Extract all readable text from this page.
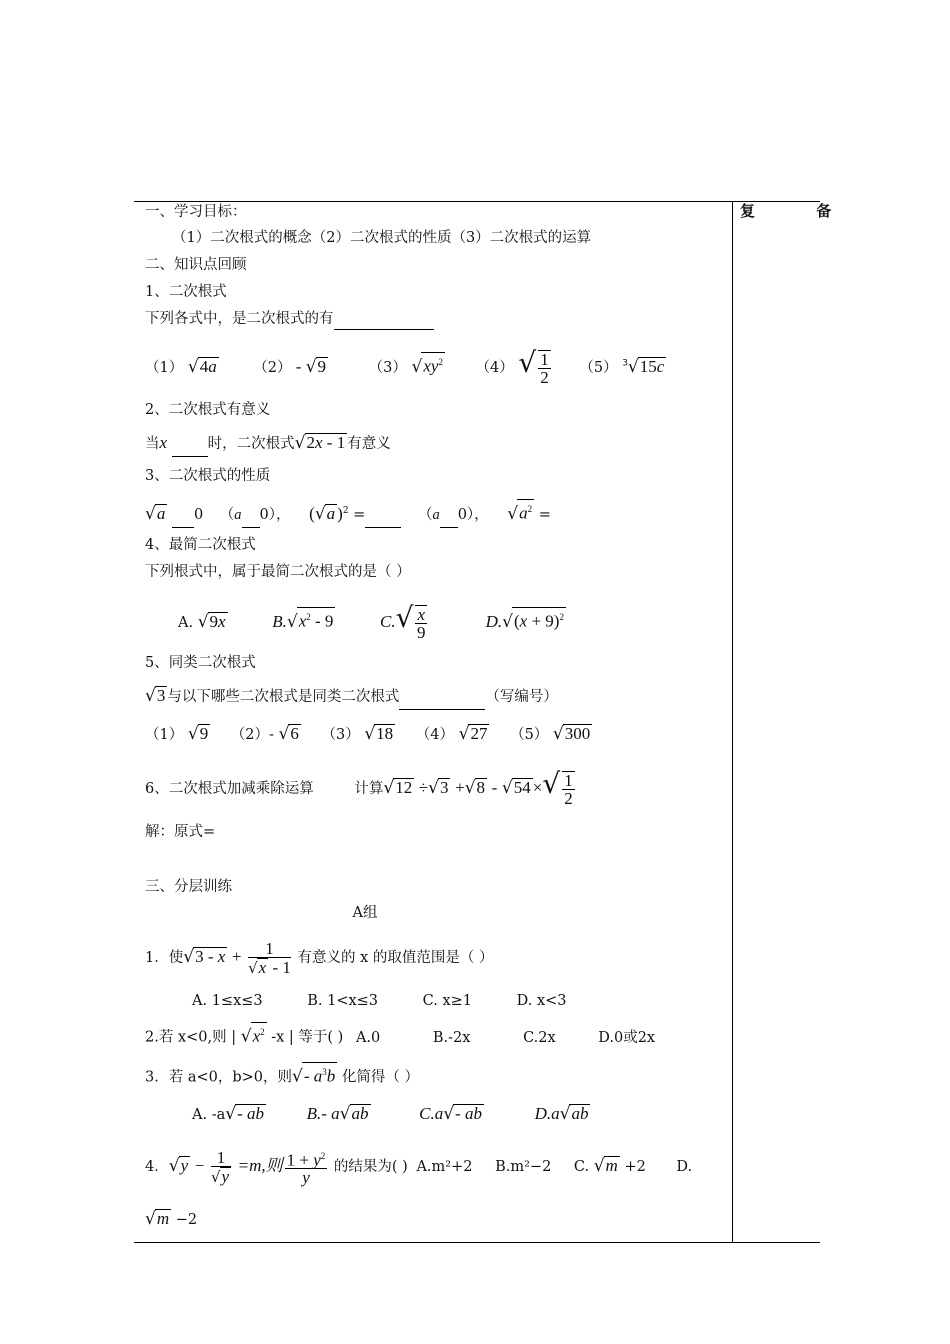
复 备
一、学习目标：
（1）二次根式的概念（2）二次根式的性质（3）二次根式的运算
二、知识点回顾
1、二次根式
下列各式中，是二次根式的有
（1） √4a	（2） - √9	（3） $√xy^2$ （4） √ $\frac{1}{2} (5)$ $^3$√15c
2、二次根式有意义
当x	时，二次根式√2x - 1 有意义
3、二次根式的性质
√a 0 （a 0）， (√a )$^2$ =	（a 0）， $√a^2$ =
4、最简二次根式
下列根式中，属于最简二次根式的是（ ）
A. √9x	$B.√x^2 - 9$	$C.√ \frac{x}{9}$	$D.√(x + 9)^2$
5、同类二次根式
√3 与以下哪些二次根式是同类二次根式	（写编号）
（1） √9 （2）- √6 （3） √18 （4） √27 （5） √300
6、二次根式加减乘除运算	计算√12 ÷√3 +√8 - √54 ×√ $\frac{1}{2}$
解：原式=
三、分层训练
A组
1．使$√3 - x + \frac{1}{√x - 1}$ 有意义的 x 的取值范围是（ ）
A. 1≤x≤3	B. 1<x≤3	C. x≥1	D. x<3
2.若 x<0,则 | $√x^2$ -x | 等于( ) A.0	B.-2x	C.2x	D.0或2x
3．若 a<0，b>0，则√- $a^3b$ 化简得（ ）
A. -a√- ab	B.- a√ab	C.a√- ab	D.a√ab
4．$√y - \frac{1}{√y} =m$,则 $\frac{1 + y^2}{y}$ 的结果为( ) A.m²+2 B.m²−2 C. √m +2 D.
√m −2
